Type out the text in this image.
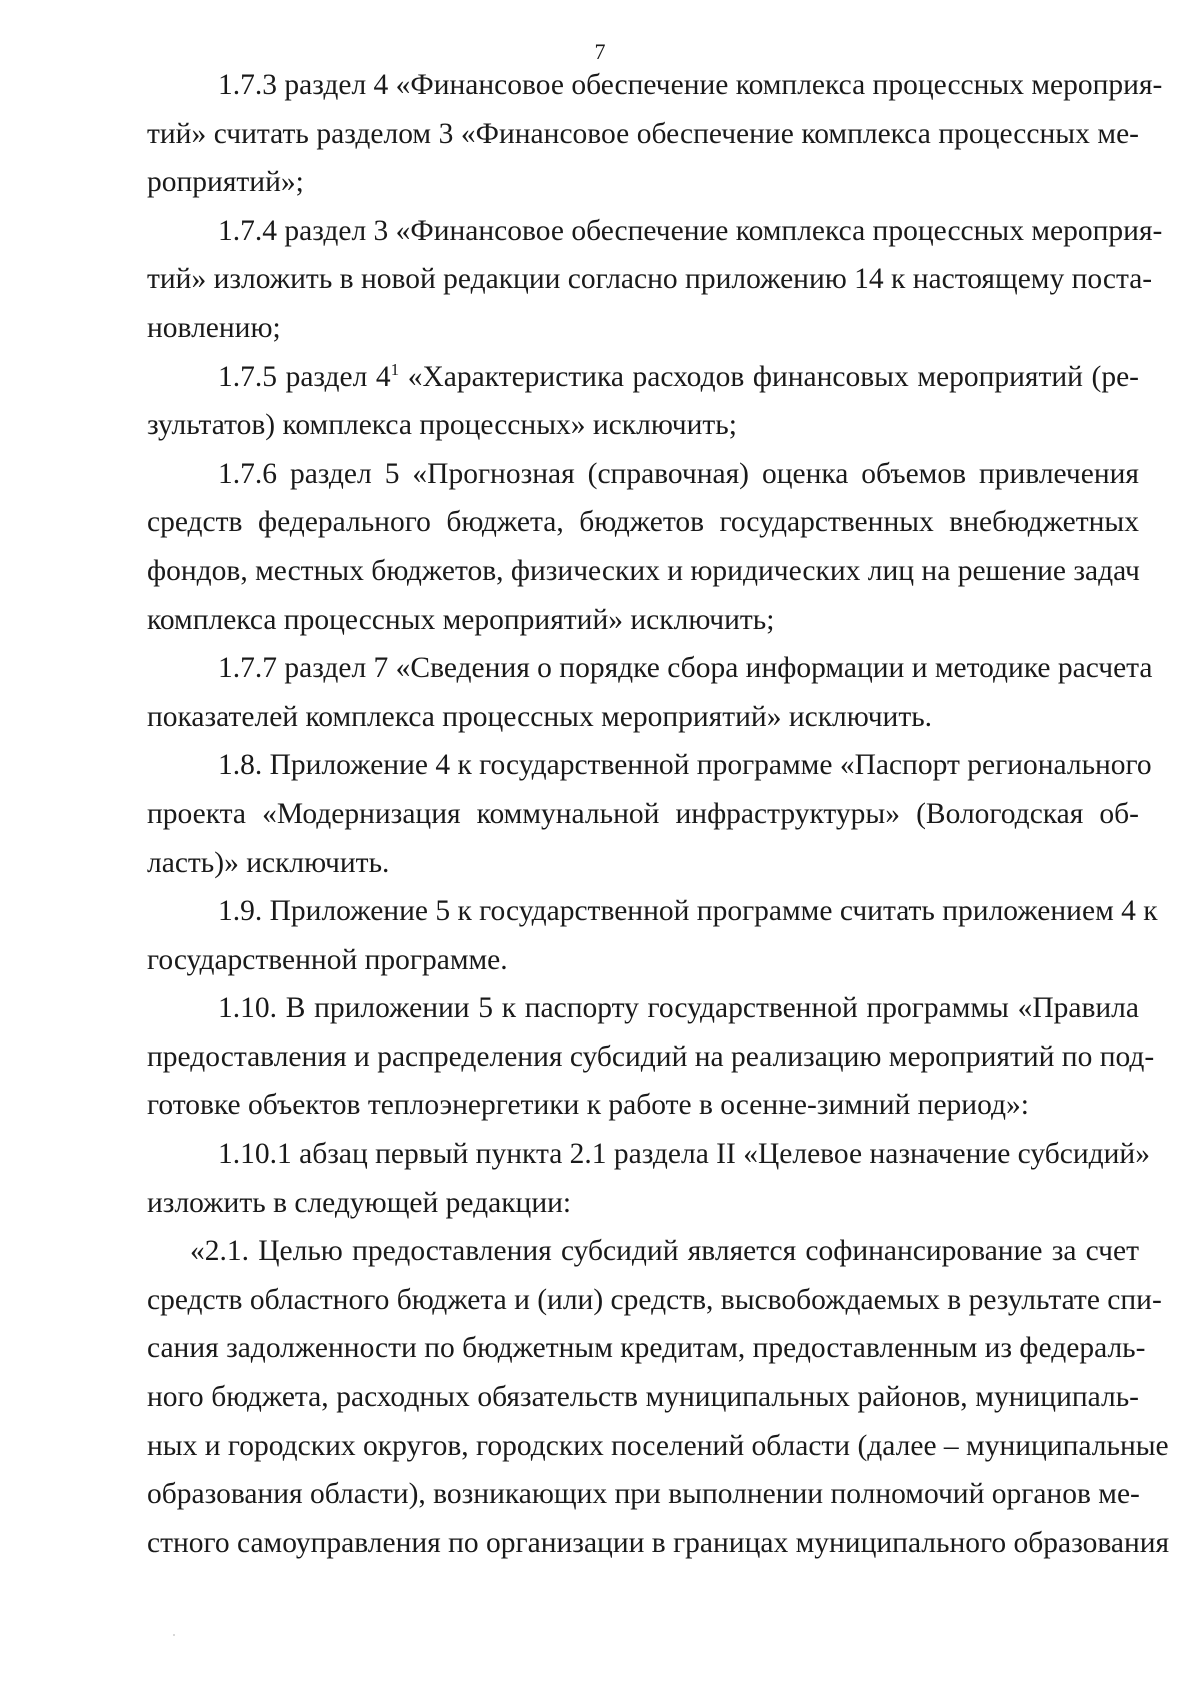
7
1.7.3 раздел 4 «Финансовое обеспечение комплекса процессных мероприя-
тий» считать разделом 3 «Финансовое обеспечение комплекса процессных ме-
роприятий»;
1.7.4 раздел 3 «Финансовое обеспечение комплекса процессных мероприя-
тий» изложить в новой редакции согласно приложению 14 к настоящему поста-
новлению;
1.7.5 раздел $4^1$ «Характеристика расходов финансовых мероприятий (ре-
зультатов) комплекса процессных» исключить;
1.7.6 раздел 5 «Прогнозная (справочная) оценка объемов привлечения
средств федерального бюджета, бюджетов государственных внебюджетных
фондов, местных бюджетов, физических и юридических лиц на решение задач
комплекса процессных мероприятий» исключить;
1.7.7 раздел 7 «Сведения о порядке сбора информации и методике расчета
показателей комплекса процессных мероприятий» исключить.
1.8. Приложение 4 к государственной программе «Паспорт регионального
проекта «Модернизация коммунальной инфраструктуры» (Вологодская об-
ласть)» исключить.
1.9. Приложение 5 к государственной программе считать приложением 4 к
государственной программе.
1.10. В приложении 5 к паспорту государственной программы «Правила
предоставления и распределения субсидий на реализацию мероприятий по под-
готовке объектов теплоэнергетики к работе в осенне-зимний период»:
1.10.1 абзац первый пункта 2.1 раздела II «Целевое назначение субсидий»
изложить в следующей редакции:
«2.1. Целью предоставления субсидий является софинансирование за счет
средств областного бюджета и (или) средств, высвобождаемых в результате спи-
сания задолженности по бюджетным кредитам, предоставленным из федераль-
ного бюджета, расходных обязательств муниципальных районов, муниципаль-
ных и городских округов, городских поселений области (далее – муниципальные
образования области), возникающих при выполнении полномочий органов ме-
стного самоуправления по организации в границах муниципального образования
